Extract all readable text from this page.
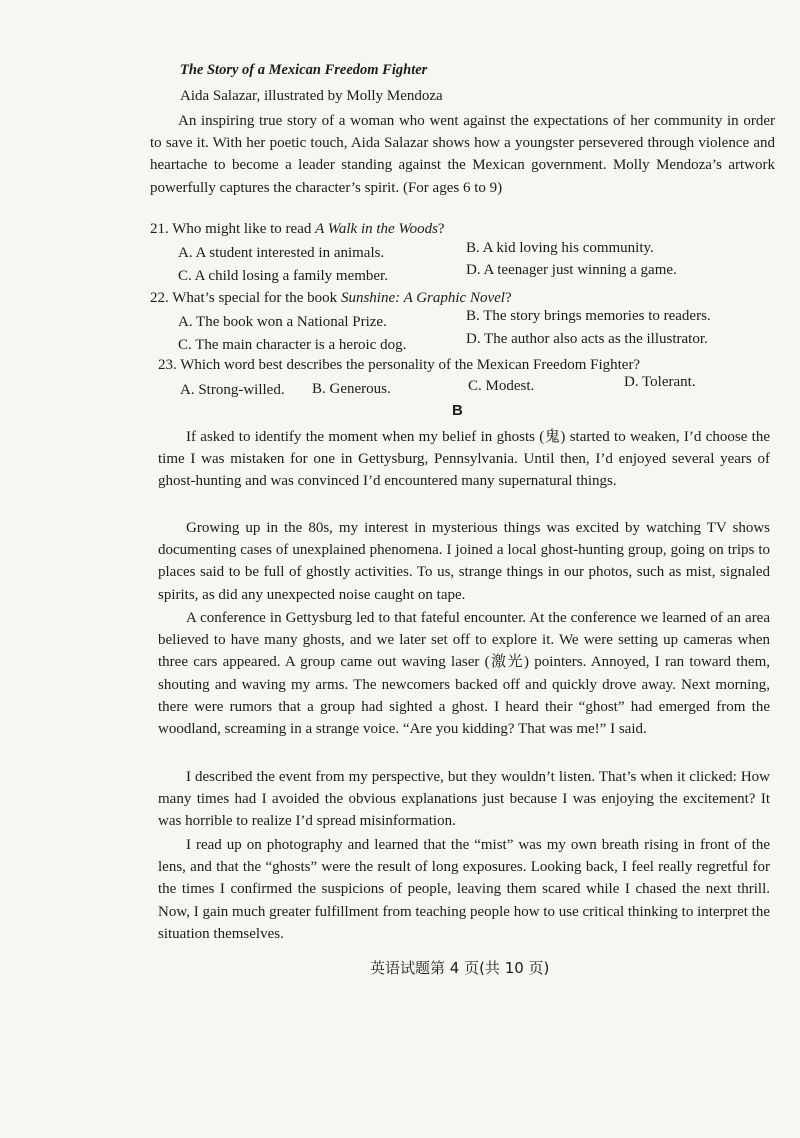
The Story of a Mexican Freedom Fighter
Aida Salazar, illustrated by Molly Mendoza

An inspiring true story of a woman who went against the expectations of her community in order to save it. With her poetic touch, Aida Salazar shows how a youngster persevered through violence and heartache to become a leader standing against the Mexican government. Molly Mendoza’s artwork powerfully captures the character’s spirit. (For ages 6 to 9)

21. Who might like to read A Walk in the Woods?
A. A student interested in animals.	B. A kid loving his community.
C. A child losing a family member.	D. A teenager just winning a game.
22. What’s special for the book Sunshine: A Graphic Novel?
A. The book won a National Prize.	B. The story brings memories to readers.
C. The main character is a heroic dog.	D. The author also acts as the illustrator.
23. Which word best describes the personality of the Mexican Freedom Fighter?
A. Strong-willed. B. Generous.	C. Modest.	D. Tolerant.
B

If asked to identify the moment when my belief in ghosts (鬼) started to weaken, I’d choose the time I was mistaken for one in Gettysburg, Pennsylvania. Until then, I’d enjoyed several years of ghost-hunting and was convinced I’d encountered many supernatural things.

Growing up in the 80s, my interest in mysterious things was excited by watching TV shows documenting cases of unexplained phenomena. I joined a local ghost-hunting group, going on trips to places said to be full of ghostly activities. To us, strange things in our photos, such as mist, signaled spirits, as did any unexpected noise caught on tape.

A conference in Gettysburg led to that fateful encounter. At the conference we learned of an area believed to have many ghosts, and we later set off to explore it. We were setting up cameras when three cars appeared. A group came out waving laser (激光) pointers. Annoyed, I ran toward them, shouting and waving my arms. The newcomers backed off and quickly drove away. Next morning, there were rumors that a group had sighted a ghost. I heard their “ghost” had emerged from the woodland, screaming in a strange voice. “Are you kidding? That was me!” I said.

I described the event from my perspective, but they wouldn’t listen. That’s when it clicked: How many times had I avoided the obvious explanations just because I was enjoying the excitement? It was horrible to realize I’d spread misinformation.

I read up on photography and learned that the “mist” was my own breath rising in front of the lens, and that the “ghosts” were the result of long exposures. Looking back, I feel really regretful for the times I confirmed the suspicions of people, leaving them scared while I chased the next thrill. Now, I gain much greater fulfillment from teaching people how to use critical thinking to interpret the situation themselves.

英语试题第 4 页(共 10 页)
